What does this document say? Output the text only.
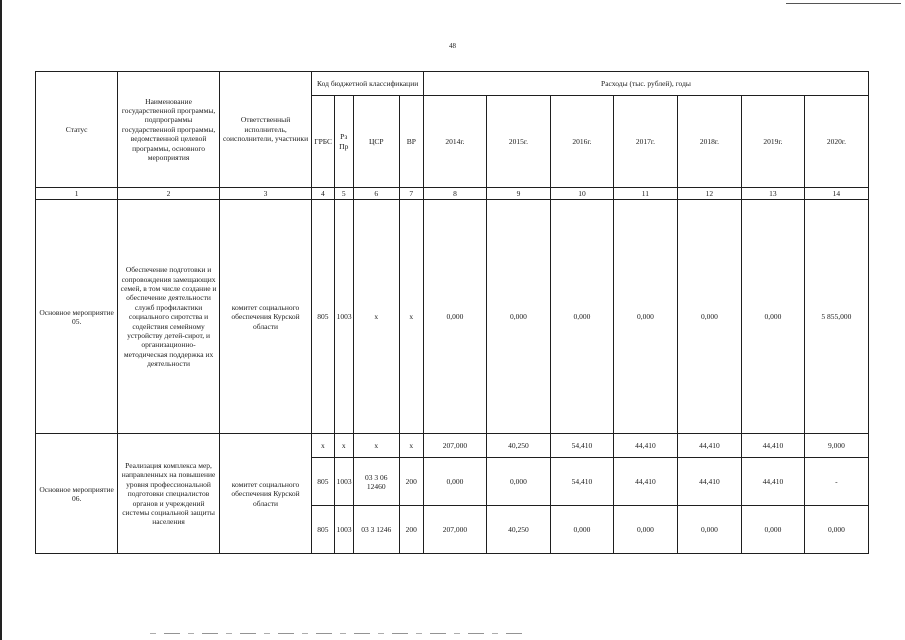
48
Статус	Наименование государственной программы, подпрограммы государственной программы, ведомственной целевой программы, основного мероприятия	Ответственный исполнитель, соисполнители, участники	Код бюджетной классификации				Расходы (тыс. рублей), годы						
			ГРБС	Рз Пр	ЦСР	ВР	2014г.	2015г.	2016г.	2017г.	2018г.	2019г.	2020г.
1	2	3	4	5	6	7	8	9	10	11	12	13	14
Основное мероприятие 05.	Обеспечение подготовки и сопровождения замещающих семей, в том числе создание и обеспечение деятельности служб профилактики социального сиротства и содействия семейному устройству детей-сирот, и организационно-методическая поддержка их деятельности	комитет социального обеспечения Курской области	805	1003	x	x	0,000	0,000	0,000	0,000	0,000	0,000	5 855,000
Основное мероприятие 06.	Реализация комплекса мер, направленных на повышение уровня профессиональной подготовки специалистов органов и учреждений системы социальной защиты населения	комитет социального обеспечения Курской области	x	x	x	x	207,000	40,250	54,410	44,410	44,410	44,410	9,000
			805	1003	03 3 06 12460	200	0,000	0,000	54,410	44,410	44,410	44,410	-
			805	1003	03 3 1246	200	207,000	40,250	0,000	0,000	0,000	0,000	0,000
